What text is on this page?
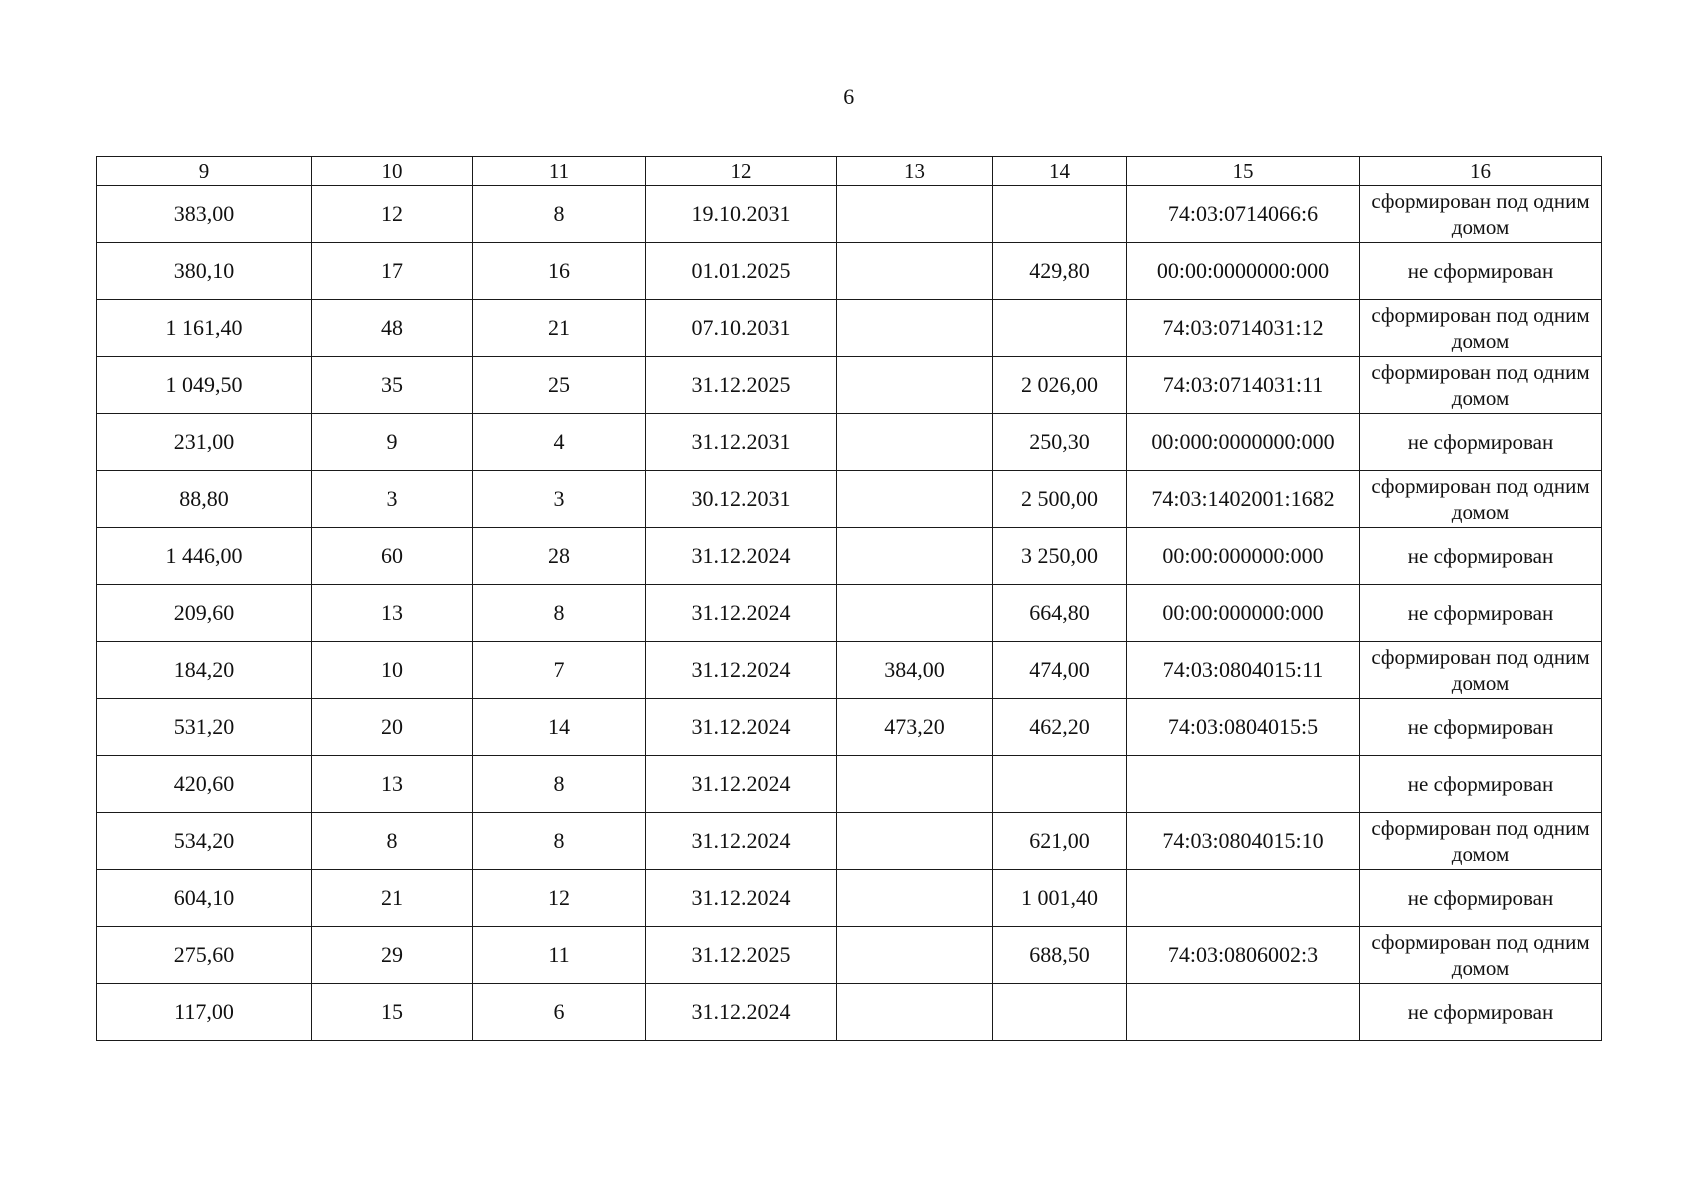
6
9	10	11	12	13	14	15	16
383,00	12	8	19.10.2031			74:03:0714066:6	сформирован под одним домом
380,10	17	16	01.01.2025		429,80	00:00:0000000:000	не сформирован
1 161,40	48	21	07.10.2031			74:03:0714031:12	сформирован под одним домом
1 049,50	35	25	31.12.2025		2 026,00	74:03:0714031:11	сформирован под одним домом
231,00	9	4	31.12.2031		250,30	00:000:0000000:000	не сформирован
88,80	3	3	30.12.2031		2 500,00	74:03:1402001:1682	сформирован под одним домом
1 446,00	60	28	31.12.2024		3 250,00	00:00:000000:000	не сформирован
209,60	13	8	31.12.2024		664,80	00:00:000000:000	не сформирован
184,20	10	7	31.12.2024	384,00	474,00	74:03:0804015:11	сформирован под одним домом
531,20	20	14	31.12.2024	473,20	462,20	74:03:0804015:5	не сформирован
420,60	13	8	31.12.2024				не сформирован
534,20	8	8	31.12.2024		621,00	74:03:0804015:10	сформирован под одним домом
604,10	21	12	31.12.2024		1 001,40		не сформирован
275,60	29	11	31.12.2025		688,50	74:03:0806002:3	сформирован под одним домом
117,00	15	6	31.12.2024				не сформирован
